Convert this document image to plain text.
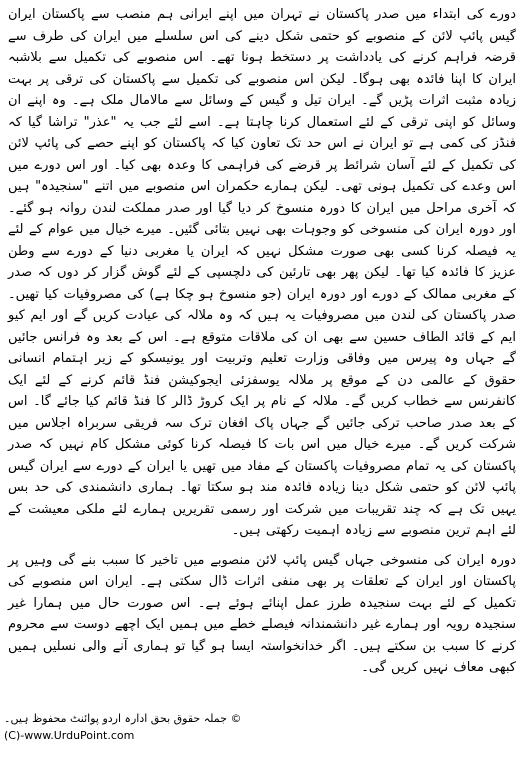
دورے کی ابتداء میں صدر پاکستان نے تہران میں اپنے ایرانی ہم منصب سے پاکستان ایران گیس پائپ لائن کے منصوبے کو حتمی شکل دینے کی اس سلسلے میں ایران کی طرف سے قرضہ فراہم کرنے کی یادداشت پر دستخط ہونا تھے۔ اس منصوبے کی تکمیل سے بلاشبہ ایران کا اپنا فائدہ بھی ہوگا۔ لیکن اس منصوبے کی تکمیل سے پاکستان کی ترقی پر بہت زیادہ مثبت اثرات پڑیں گے۔ ایران تیل و گیس کے وسائل سے مالامال ملک ہے۔ وہ اپنے ان وسائل کو اپنی ترقی کے لئے استعمال کرنا چاہتا ہے۔ اسے لئے جب یہ "عذر" تراشا گیا کہ فنڈز کی کمی ہے تو ایران نے اس حد تک تعاون کیا کہ پاکستان کو اپنے حصے کی پائپ لائن کی تکمیل کے لئے آسان شرائط پر قرضے کی فراہمی کا وعدہ بھی کیا۔ اور اس دورے میں اس وعدے کی تکمیل ہونی تھی۔ لیکن ہمارے حکمران اس منصوبے میں اتنے "سنجیدہ" ہیں کہ آخری مراحل میں ایران کا دورہ منسوخ کر دیا گیا اور صدر مملکت لندن روانہ ہو گئے۔ اور دورہ ایران کی منسوخی کو وجوہات بھی نہیں بتائی گئیں۔ میرے خیال میں عوام کے لئے یہ فیصلہ کرنا کسی بھی صورت مشکل نہیں کہ ایران یا مغربی دنیا کے دورے سے وطن عزیز کا فائدہ کیا تھا۔ لیکن پھر بھی تارئین کی دلچسپی کے لئے گوش گزار کر دوں کہ صدر کے مغربی ممالک کے دورے اور دورہ ایران (جو منسوخ ہو چکا ہے) کی مصروفیات کیا تھیں۔ صدر پاکستان کی لندن میں مصروفیات یہ ہیں کہ وہ ملالہ کی عیادت کریں گے اور ایم کیو ایم کے قائد الطاف حسین سے بھی ان کی ملاقات متوقع ہے۔ اس کے بعد وہ فرانس جائیں گے جہاں وہ پیرس میں وفاقی وزارت تعلیم وتربیت اور یونیسکو کے زیر اہتمام انسانی حقوق کے عالمی دن کے موقع پر ملالہ یوسفزئی ایجوکیشن فنڈ قائم کرنے کے لئے ایک کانفرنس سے خطاب کریں گے۔ ملالہ کے نام پر ایک کروڑ ڈالر کا فنڈ قائم کیا جائے گا۔ اس کے بعد صدر صاحب ترکی جائیں گے جہاں پاک افغان ترک سہ فریقی سربراہ اجلاس میں شرکت کریں گے۔ میرے خیال میں اس بات کا فیصلہ کرنا کوئی مشکل کام نہیں کہ صدر پاکستان کی یہ تمام مصروفیات پاکستان کے مفاد میں تھیں یا ایران کے دورے سے ایران گیس پائپ لائن کو حتمی شکل دینا زیادہ فائدہ مند ہو سکتا تھا۔ ہماری دانشمندی کی حد بس یہیں تک ہے کہ چند تقریبات میں شرکت اور رسمی تقریریں ہمارے لئے ملکی معیشت کے لئے اہم ترین منصوبے سے زیادہ اہمیت رکھتی ہیں۔

دورہ ایران کی منسوخی جہاں گیس پائپ لائن منصوبے میں تاخیر کا سبب بنے گی وہیں پر پاکستان اور ایران کے تعلقات پر بھی منفی اثرات ڈال سکتی ہے۔ ایران اس منصوبے کی تکمیل کے لئے بہت سنجیدہ طرز عمل اپنائے ہوئے ہے۔ اس صورت حال میں ہمارا غیر سنجیدہ رویہ اور ہمارے غیر دانشمندانہ فیصلے خطے میں ہمیں ایک اچھے دوست سے محروم کرنے کا سبب بن سکتے ہیں۔ اگر خدانخواستہ ایسا ہو گیا تو ہماری آنے والی نسلیں ہمیں کبھی معاف نہیں کریں گی۔

© جملہ حقوق بحق ادارہ اردو پوائنٹ محفوظ ہیں۔
(C)-www.UrduPoint.com
